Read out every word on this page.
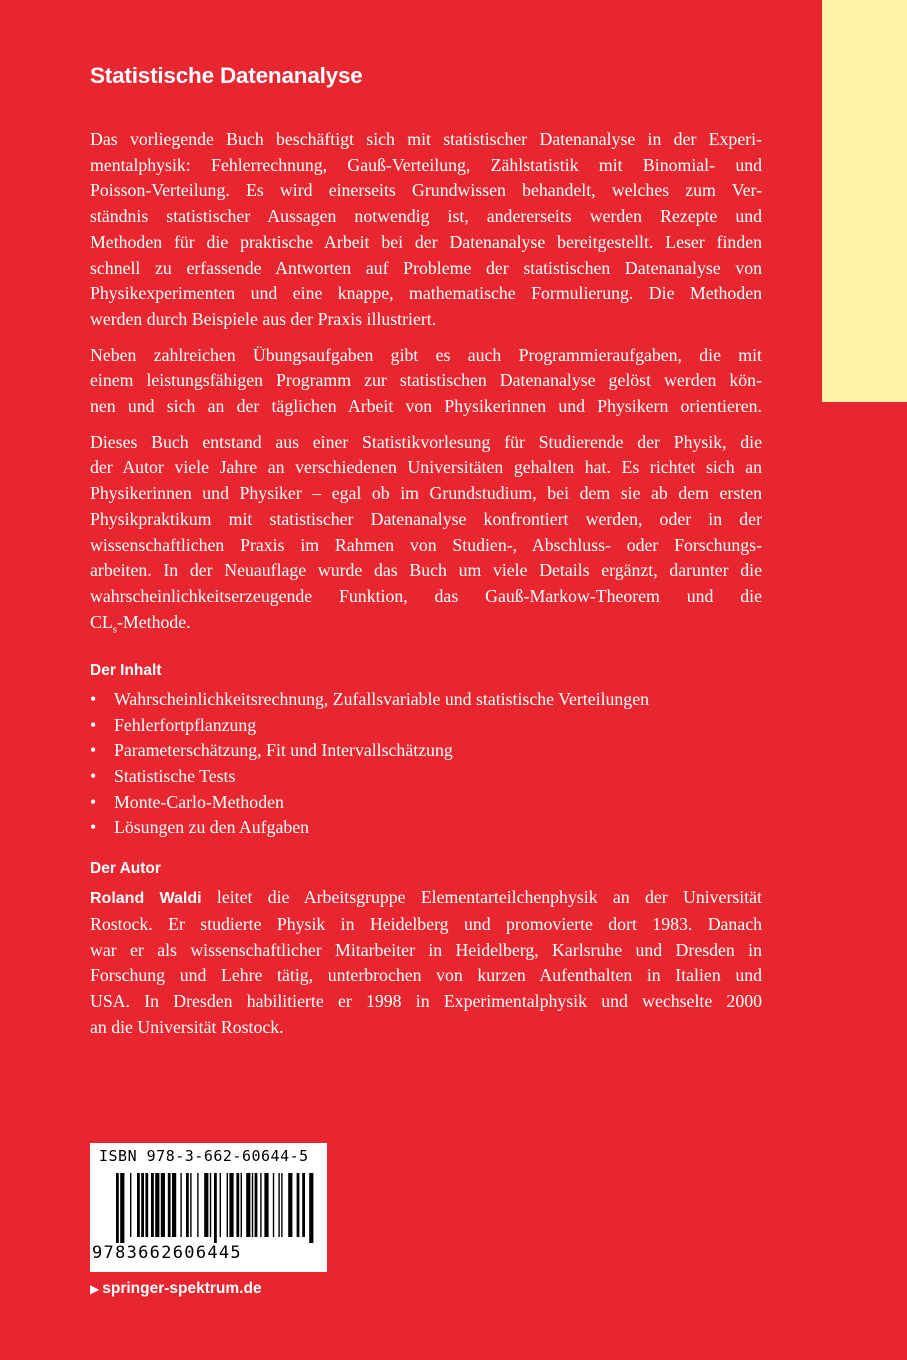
Statistische Datenanalyse
Das vorliegende Buch beschäftigt sich mit statistischer Datenanalyse in der Experi-
mentalphysik: Fehlerrechnung, Gauß-Verteilung, Zählstatistik mit Binomial- und
Poisson-Verteilung. Es wird einerseits Grundwissen behandelt, welches zum Ver-
ständnis statistischer Aussagen notwendig ist, andererseits werden Rezepte und
Methoden für die praktische Arbeit bei der Datenanalyse bereitgestellt. Leser finden
schnell zu erfassende Antworten auf Probleme der statistischen Datenanalyse von
Physikexperimenten und eine knappe, mathematische Formulierung. Die Methoden
werden durch Beispiele aus der Praxis illustriert.
Neben zahlreichen Übungsaufgaben gibt es auch Programmieraufgaben, die mit
einem leistungsfähigen Programm zur statistischen Datenanalyse gelöst werden kön-
nen und sich an der täglichen Arbeit von Physikerinnen und Physikern orientieren.
Dieses Buch entstand aus einer Statistikvorlesung für Studierende der Physik, die
der Autor viele Jahre an verschiedenen Universitäten gehalten hat. Es richtet sich an
Physikerinnen und Physiker – egal ob im Grundstudium, bei dem sie ab dem ersten
Physikpraktikum mit statistischer Datenanalyse konfrontiert werden, oder in der
wissenschaftlichen Praxis im Rahmen von Studien-, Abschluss- oder Forschungs-
arbeiten. In der Neuauflage wurde das Buch um viele Details ergänzt, darunter die
wahrscheinlichkeitserzeugende Funktion, das Gauß-Markow-Theorem und die
$CL_s$-Methode.
Der Inhalt
• Wahrscheinlichkeitsrechnung, Zufallsvariable und statistische Verteilungen
• Fehlerfortpflanzung
• Parameterschätzung, Fit und Intervallschätzung
• Statistische Tests
• Monte-Carlo-Methoden
• Lösungen zu den Aufgaben
Der Autor
Roland Waldi leitet die Arbeitsgruppe Elementarteilchenphysik an der Universität
Rostock. Er studierte Physik in Heidelberg und promovierte dort 1983. Danach
war er als wissenschaftlicher Mitarbeiter in Heidelberg, Karlsruhe und Dresden in
Forschung und Lehre tätig, unterbrochen von kurzen Aufenthalten in Italien und
USA. In Dresden habilitierte er 1998 in Experimentalphysik und wechselte 2000
an die Universität Rostock.
ISBN 978-3-662-60644-5
9783662606445
▶ springer-spektrum.de
